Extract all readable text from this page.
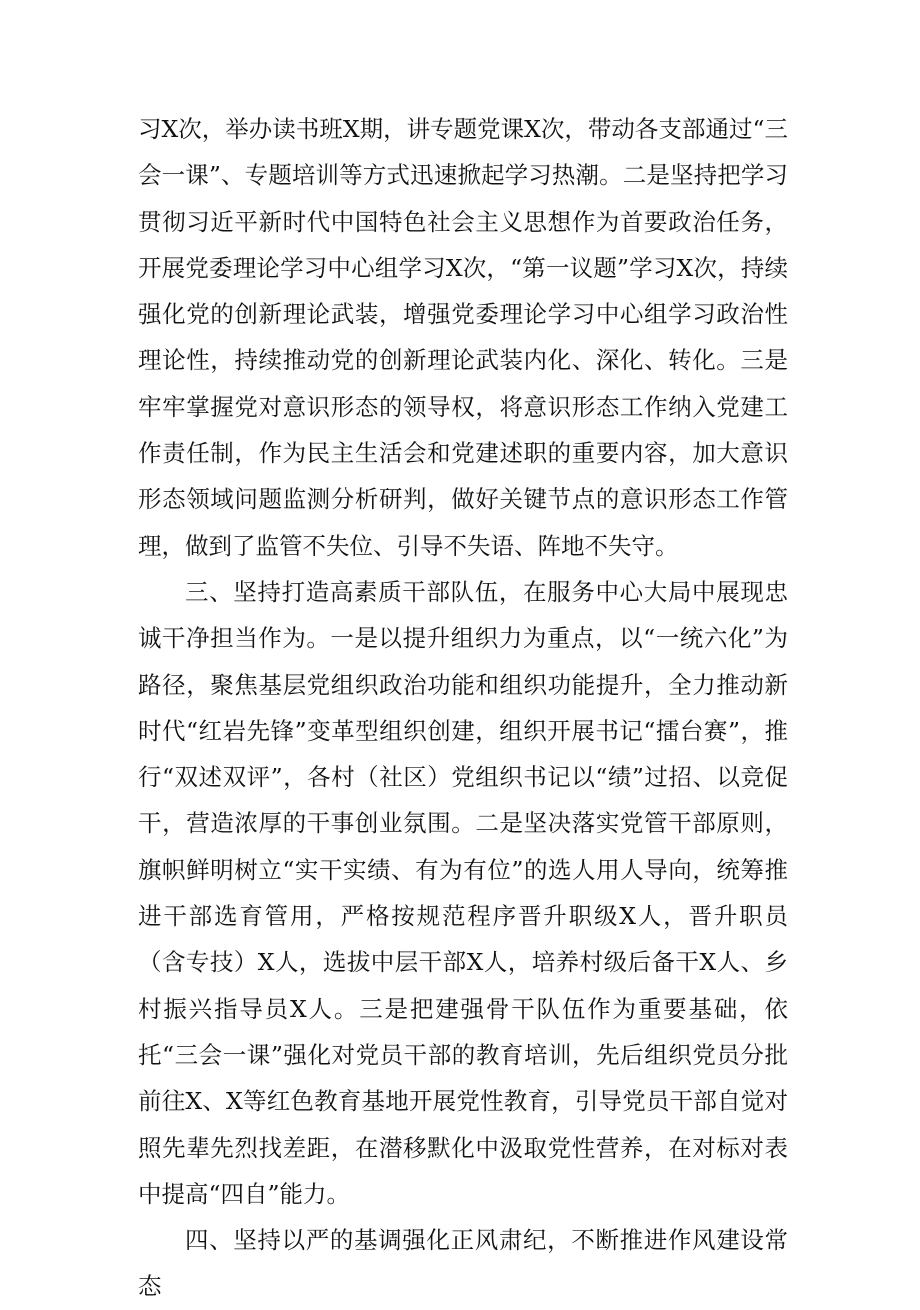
习X次，举办读书班X期，讲专题党课X次，带动各支部通过“三会一课”、专题培训等方式迅速掀起学习热潮。二是坚持把学习贯彻习近平新时代中国特色社会主义思想作为首要政治任务，开展党委理论学习中心组学习X次，“第一议题”学习X次，持续强化党的创新理论武装，增强党委理论学习中心组学习政治性理论性，持续推动党的创新理论武装内化、深化、转化。三是牢牢掌握党对意识形态的领导权，将意识形态工作纳入党建工作责任制，作为民主生活会和党建述职的重要内容，加大意识形态领域问题监测分析研判，做好关键节点的意识形态工作管理，做到了监管不失位、引导不失语、阵地不失守。

三、坚持打造高素质干部队伍，在服务中心大局中展现忠诚干净担当作为。一是以提升组织力为重点，以“一统六化”为路径，聚焦基层党组织政治功能和组织功能提升，全力推动新时代“红岩先锋”变革型组织创建，组织开展书记“擂台赛”，推行“双述双评”，各村（社区）党组织书记以“绩”过招、以竞促干，营造浓厚的干事创业氛围。二是坚决落实党管干部原则，旗帜鲜明树立“实干实绩、有为有位”的选人用人导向，统筹推进干部选育管用，严格按规范程序晋升职级X人，晋升职员（含专技）X人，选拔中层干部X人，培养村级后备干X人、乡村振兴指导员X人。三是把建强骨干队伍作为重要基础，依托“三会一课”强化对党员干部的教育培训，先后组织党员分批前往X、X等红色教育基地开展党性教育，引导党员干部自觉对照先辈先烈找差距，在潜移默化中汲取党性营养，在对标对表中提高“四自”能力。

四、坚持以严的基调强化正风肃纪，不断推进作风建设常态
